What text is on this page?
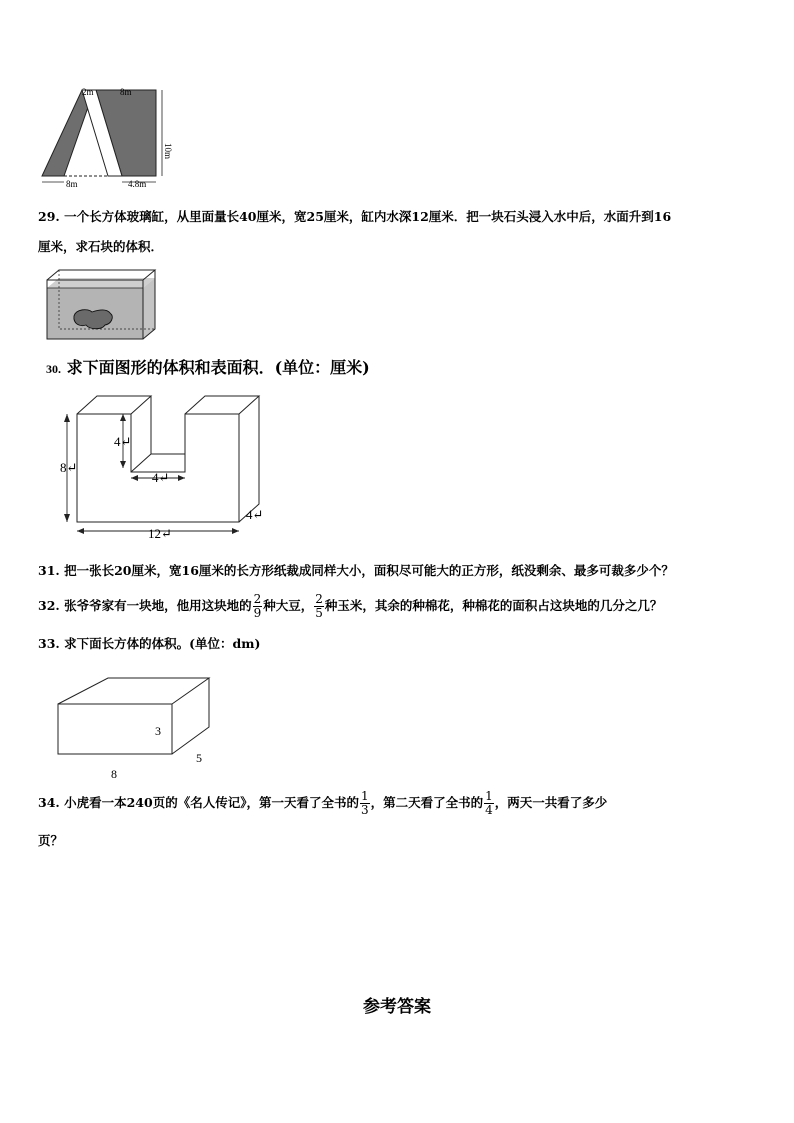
2m	8m
10m
8m	4.8m
29. 一个长方体玻璃缸，从里面量长40厘米，宽25厘米，缸内水深12厘米．把一块石头浸入水中后，水面升到16
厘米，求石块的体积．
30. 求下面图形的体积和表面积．(单位：厘米)
8↵
4↵
4↵
12↵
4↵
31. 把一张长20厘米，宽16厘米的长方形纸裁成同样大小，面积尽可能大的正方形，纸没剩余、最多可裁多少个？
32. 张爷爷家有一块地，他用这块地的 $\frac{2}{9}$ 种大豆， $\frac{2}{5}$ 种玉米，其余的种棉花，种棉花的面积占这块地的几分之几？
33. 求下面长方体的体积。(单位：dm)
3
5
8
34. 小虎看一本240页的《名人传记》，第一天看了全书的 $\frac{1}{3}$ ，第二天看了全书的 $\frac{1}{4}$ ，两天一共看了多少
页？
参考答案
